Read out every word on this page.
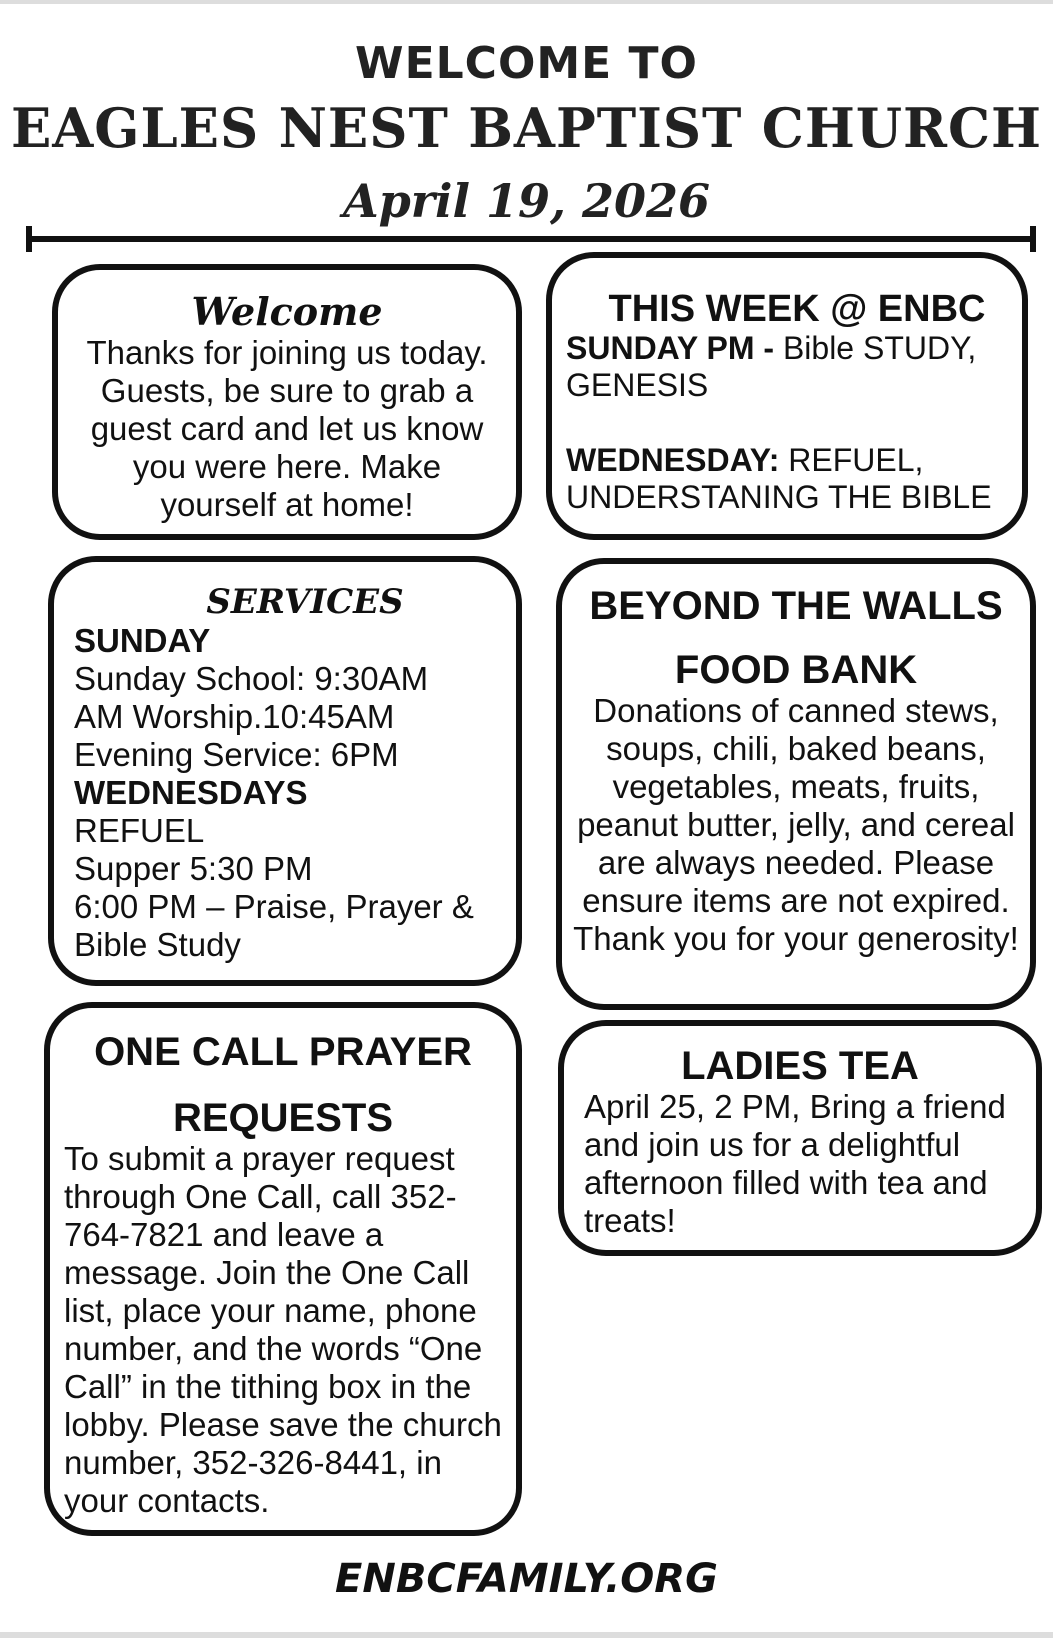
WELCOME TO
EAGLES NEST BAPTIST CHURCH
April 19, 2026
Welcome
Thanks for joining us today. Guests, be sure to grab a guest card and let us know you were here. Make yourself at home!
THIS WEEK @ ENBC
SUNDAY PM - Bible STUDY, GENESIS
WEDNESDAY: REFUEL, UNDERSTANING THE BIBLE
SERVICES
SUNDAY
Sunday School: 9:30AM
AM Worship.10:45AM
Evening Service: 6PM
WEDNESDAYS
REFUEL
Supper 5:30 PM
6:00 PM – Praise, Prayer & Bible Study
BEYOND THE WALLS
FOOD BANK
Donations of canned stews, soups, chili, baked beans, vegetables, meats, fruits, peanut butter, jelly, and cereal are always needed. Please ensure items are not expired. Thank you for your generosity!
ONE CALL PRAYER
REQUESTS
To submit a prayer request through One Call, call 352-764-7821 and leave a message. Join the One Call list, place your name, phone number, and the words “One Call” in the tithing box in the lobby. Please save the church number, 352-326-8441, in your contacts.
LADIES TEA
April 25, 2 PM, Bring a friend and join us for a delightful afternoon filled with tea and treats!
ENBCFAMILY.ORG
